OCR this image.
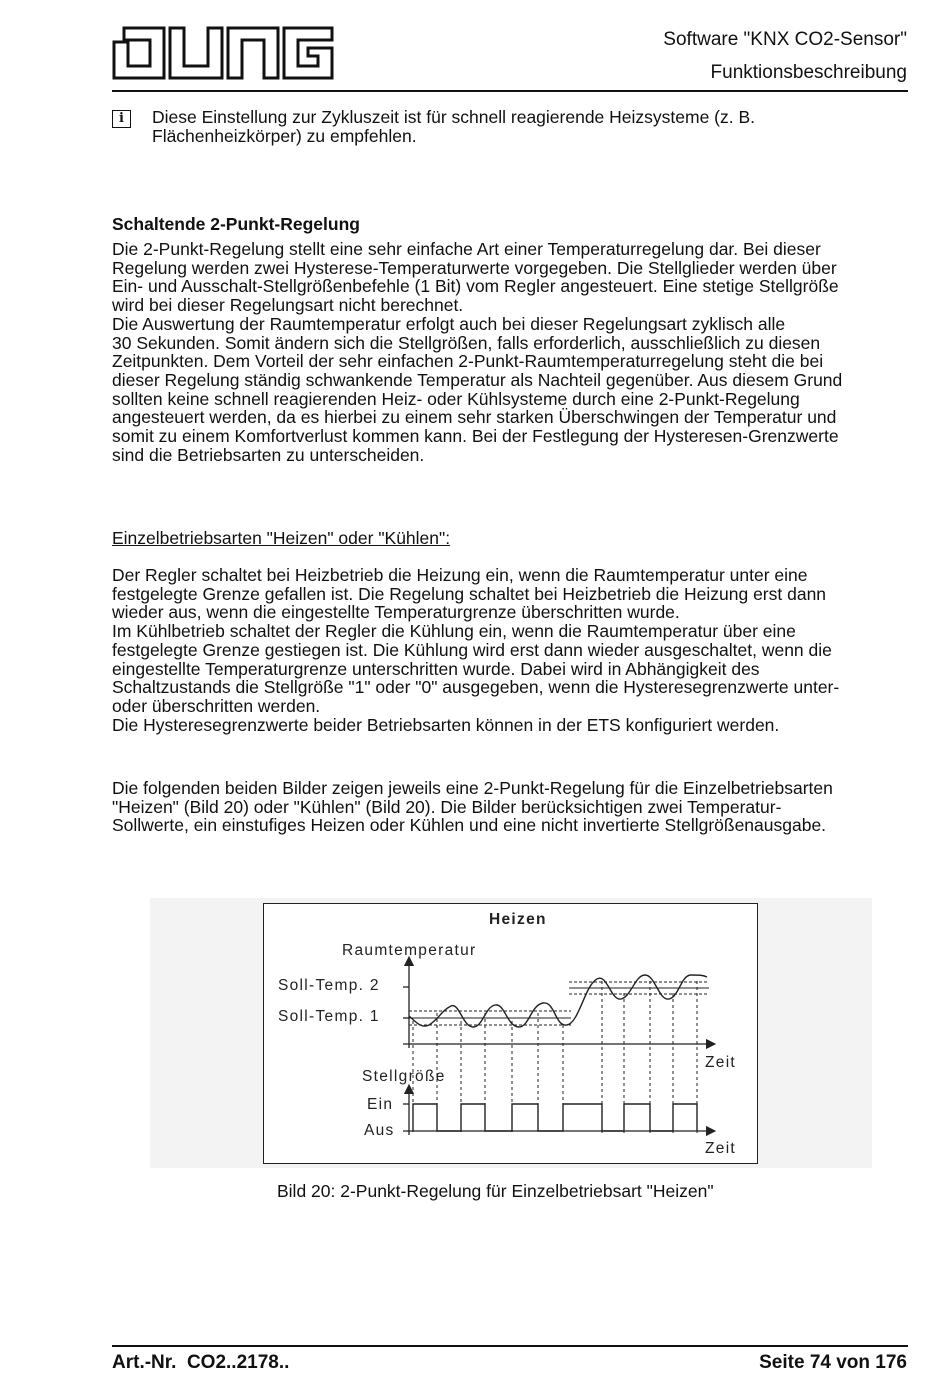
Software "KNX CO2-Sensor"
Funktionsbeschreibung
i	Diese Einstellung zur Zykluszeit ist für schnell reagierende Heizsysteme (z. B. Flächenheizkörper) zu empfehlen.
Schaltende 2-Punkt-Regelung
Die 2-Punkt-Regelung stellt eine sehr einfache Art einer Temperaturregelung dar. Bei dieser
Regelung werden zwei Hysterese-Temperaturwerte vorgegeben. Die Stellglieder werden über
Ein- und Ausschalt-Stellgrößenbefehle (1 Bit) vom Regler angesteuert. Eine stetige Stellgröße
wird bei dieser Regelungsart nicht berechnet.
Die Auswertung der Raumtemperatur erfolgt auch bei dieser Regelungsart zyklisch alle
30 Sekunden. Somit ändern sich die Stellgrößen, falls erforderlich, ausschließlich zu diesen
Zeitpunkten. Dem Vorteil der sehr einfachen 2-Punkt-Raumtemperaturregelung steht die bei
dieser Regelung ständig schwankende Temperatur als Nachteil gegenüber. Aus diesem Grund
sollten keine schnell reagierenden Heiz- oder Kühlsysteme durch eine 2-Punkt-Regelung
angesteuert werden, da es hierbei zu einem sehr starken Überschwingen der Temperatur und
somit zu einem Komfortverlust kommen kann. Bei der Festlegung der Hysteresen-Grenzwerte
sind die Betriebsarten zu unterscheiden.
Einzelbetriebsarten "Heizen" oder "Kühlen":
Der Regler schaltet bei Heizbetrieb die Heizung ein, wenn die Raumtemperatur unter eine
festgelegte Grenze gefallen ist. Die Regelung schaltet bei Heizbetrieb die Heizung erst dann
wieder aus, wenn die eingestellte Temperaturgrenze überschritten wurde.
Im Kühlbetrieb schaltet der Regler die Kühlung ein, wenn die Raumtemperatur über eine
festgelegte Grenze gestiegen ist. Die Kühlung wird erst dann wieder ausgeschaltet, wenn die
eingestellte Temperaturgrenze unterschritten wurde. Dabei wird in Abhängigkeit des
Schaltzustands die Stellgröße "1" oder "0" ausgegeben, wenn die Hysteresegrenzwerte unter-
oder überschritten werden.
Die Hysteresegrenzwerte beider Betriebsarten können in der ETS konfiguriert werden.
Die folgenden beiden Bilder zeigen jeweils eine 2-Punkt-Regelung für die Einzelbetriebsarten
"Heizen" (Bild 20) oder "Kühlen" (Bild 20). Die Bilder berücksichtigen zwei Temperatur-
Sollwerte, ein einstufiges Heizen oder Kühlen und eine nicht invertierte Stellgrößenausgabe.
Heizen
Raumtemperatur
Soll-Temp. 2
Soll-Temp. 1
Zeit
Stellgröße
Ein
Aus
Zeit
Bild 20: 2-Punkt-Regelung für Einzelbetriebsart "Heizen"
Art.-Nr.  CO2..2178..	Seite 74 von 176
